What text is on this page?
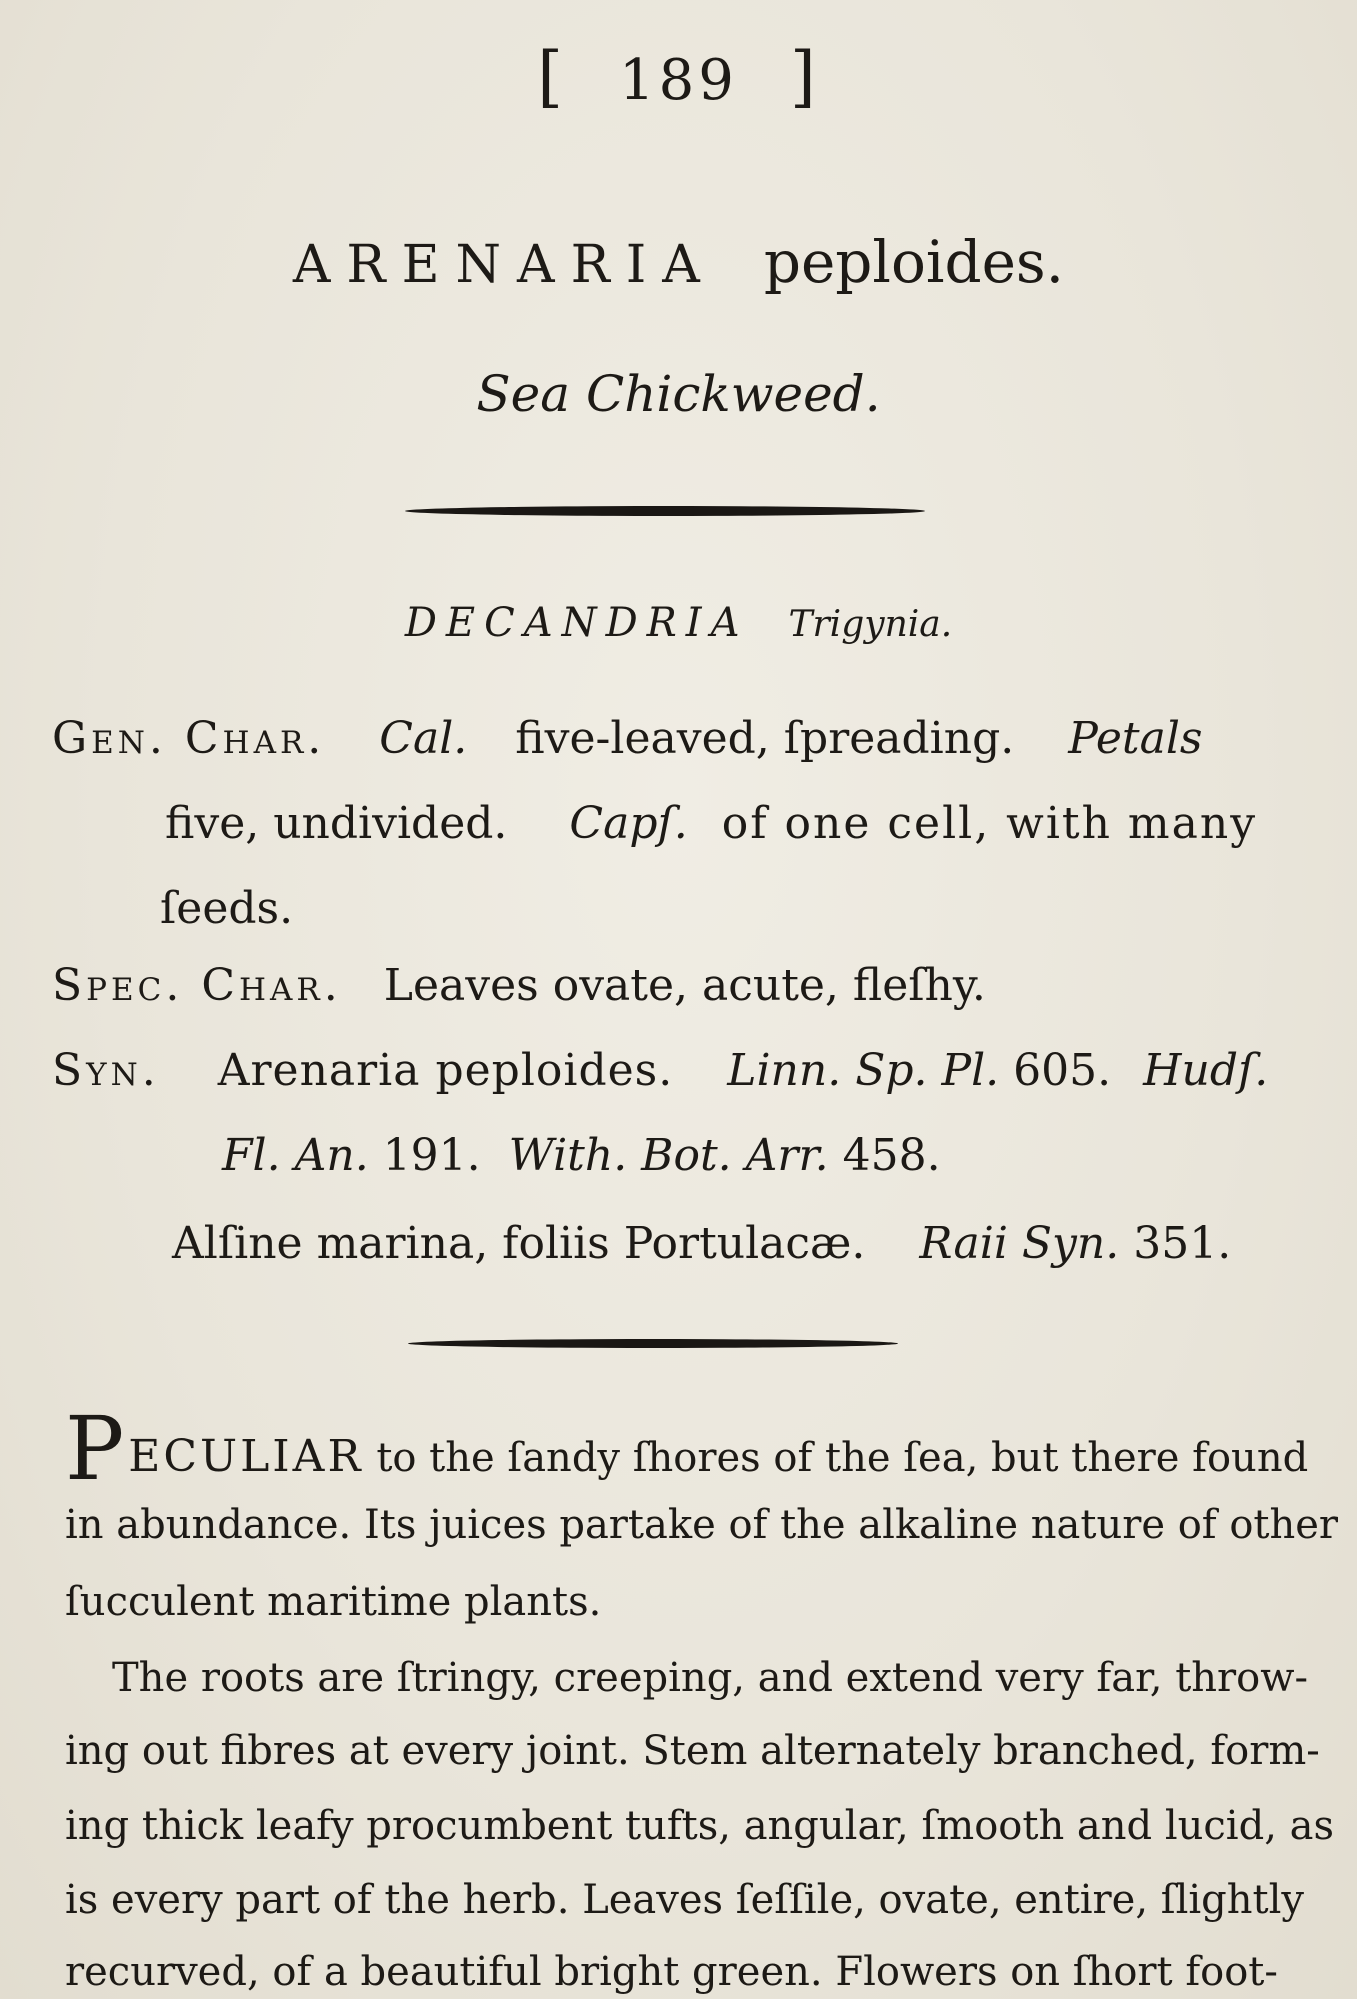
[ 189 ]
ARENARIA peploides.
Sea Chickweed.
DECANDRIA Trigynia.
Gen. Char. Cal. five-leaved, ſpreading. Petals
five, undivided. Capſ. of one cell, with many
ſeeds.
Spec. Char. Leaves ovate, acute, fleſhy.
Syn. Arenaria peploides. Linn. Sp. Pl. 605. Hudſ.
Fl. An. 191. With. Bot. Arr. 458.
Alſine marina, foliis Portulacæ. Raii Syn. 351.
PECULIAR to the ſandy ſhores of the ſea, but there found
in abundance. Its juices partake of the alkaline nature of other
ſucculent maritime plants.
The roots are ſtringy, creeping, and extend very far, throw-
ing out fibres at every joint. Stem alternately branched, form-
ing thick leafy procumbent tufts, angular, ſmooth and lucid, as
is every part of the herb. Leaves ſeſſile, ovate, entire, ſlightly
recurved, of a beautiful bright green. Flowers on ſhort foot-
